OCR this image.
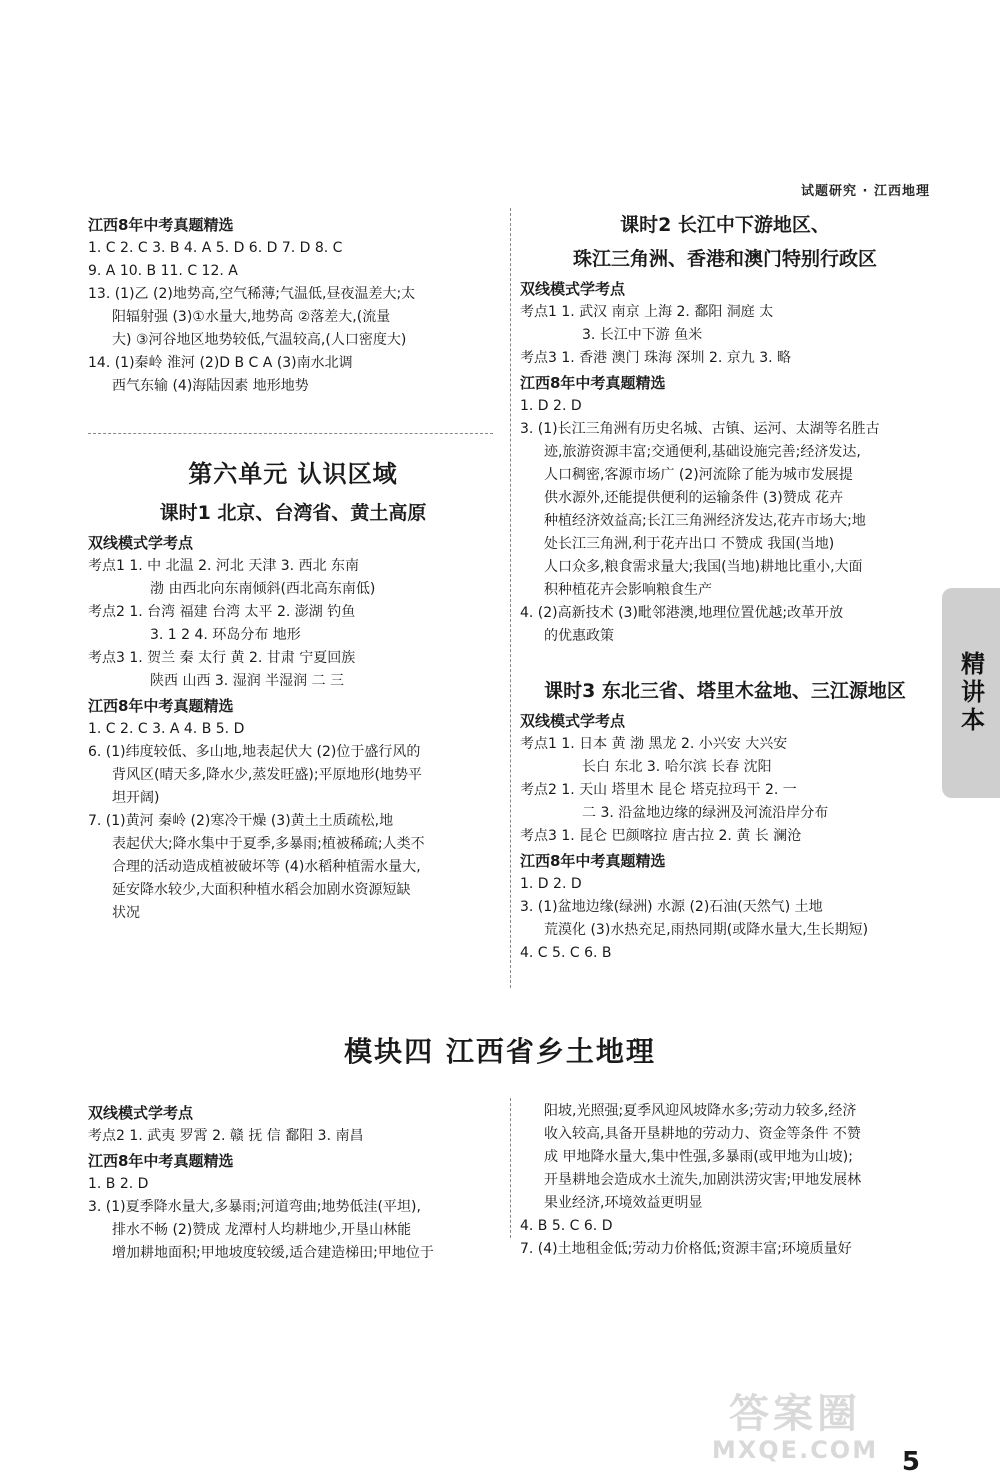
试题研究 · 江西地理
江西8年中考真题精选
1. C 2. C 3. B 4. A 5. D 6. D 7. D 8. C
9. A 10. B 11. C 12. A
13. (1)乙 (2)地势高,空气稀薄;气温低,昼夜温差大;太
阳辐射强 (3)①水量大,地势高 ②落差大,(流量
大) ③河谷地区地势较低,气温较高,(人口密度大)
14. (1)秦岭 淮河 (2)D B C A (3)南水北调
西气东输 (4)海陆因素 地形地势
第六单元 认识区域
课时1 北京、台湾省、黄土高原
双线模式学考点
考点1 1. 中 北温 2. 河北 天津 3. 西北 东南
渤 由西北向东南倾斜(西北高东南低)
考点2 1. 台湾 福建 台湾 太平 2. 澎湖 钓鱼
3. 1 2 4. 环岛分布 地形
考点3 1. 贺兰 秦 太行 黄 2. 甘肃 宁夏回族
陕西 山西 3. 湿润 半湿润 二 三
江西8年中考真题精选
1. C 2. C 3. A 4. B 5. D
6. (1)纬度较低、多山地,地表起伏大 (2)位于盛行风的
背风区(晴天多,降水少,蒸发旺盛);平原地形(地势平
坦开阔)
7. (1)黄河 秦岭 (2)寒冷干燥 (3)黄土土质疏松,地
表起伏大;降水集中于夏季,多暴雨;植被稀疏;人类不
合理的活动造成植被破坏等 (4)水稻种植需水量大,
延安降水较少,大面积种植水稻会加剧水资源短缺
状况
课时2 长江中下游地区、
珠江三角洲、香港和澳门特别行政区
双线模式学考点
考点1 1. 武汉 南京 上海 2. 鄱阳 洞庭 太
3. 长江中下游 鱼米
考点3 1. 香港 澳门 珠海 深圳 2. 京九 3. 略
江西8年中考真题精选
1. D 2. D
3. (1)长江三角洲有历史名城、古镇、运河、太湖等名胜古
迹,旅游资源丰富;交通便利,基础设施完善;经济发达,
人口稠密,客源市场广 (2)河流除了能为城市发展提
供水源外,还能提供便利的运输条件 (3)赞成 花卉
种植经济效益高;长江三角洲经济发达,花卉市场大;地
处长江三角洲,利于花卉出口 不赞成 我国(当地)
人口众多,粮食需求量大;我国(当地)耕地比重小,大面
积种植花卉会影响粮食生产
4. (2)高新技术 (3)毗邻港澳,地理位置优越;改革开放
的优惠政策
课时3 东北三省、塔里木盆地、三江源地区
双线模式学考点
考点1 1. 日本 黄 渤 黑龙 2. 小兴安 大兴安
长白 东北 3. 哈尔滨 长春 沈阳
考点2 1. 天山 塔里木 昆仑 塔克拉玛干 2. 一
二 3. 沿盆地边缘的绿洲及河流沿岸分布
考点3 1. 昆仑 巴颜喀拉 唐古拉 2. 黄 长 澜沧
江西8年中考真题精选
1. D 2. D
3. (1)盆地边缘(绿洲) 水源 (2)石油(天然气) 土地
荒漠化 (3)水热充足,雨热同期(或降水量大,生长期短)
4. C 5. C 6. B
模块四 江西省乡土地理
双线模式学考点
考点2 1. 武夷 罗霄 2. 赣 抚 信 鄱阳 3. 南昌
江西8年中考真题精选
1. B 2. D
3. (1)夏季降水量大,多暴雨;河道弯曲;地势低洼(平坦),
排水不畅 (2)赞成 龙潭村人均耕地少,开垦山林能
增加耕地面积;甲地坡度较缓,适合建造梯田;甲地位于
阳坡,光照强;夏季风迎风坡降水多;劳动力较多,经济
收入较高,具备开垦耕地的劳动力、资金等条件 不赞
成 甲地降水量大,集中性强,多暴雨(或甲地为山坡);
开垦耕地会造成水土流失,加剧洪涝灾害;甲地发展林
果业经济,环境效益更明显
4. B 5. C 6. D
7. (4)土地租金低;劳动力价格低;资源丰富;环境质量好
精讲本
答案圈
MXQE.COM 5
